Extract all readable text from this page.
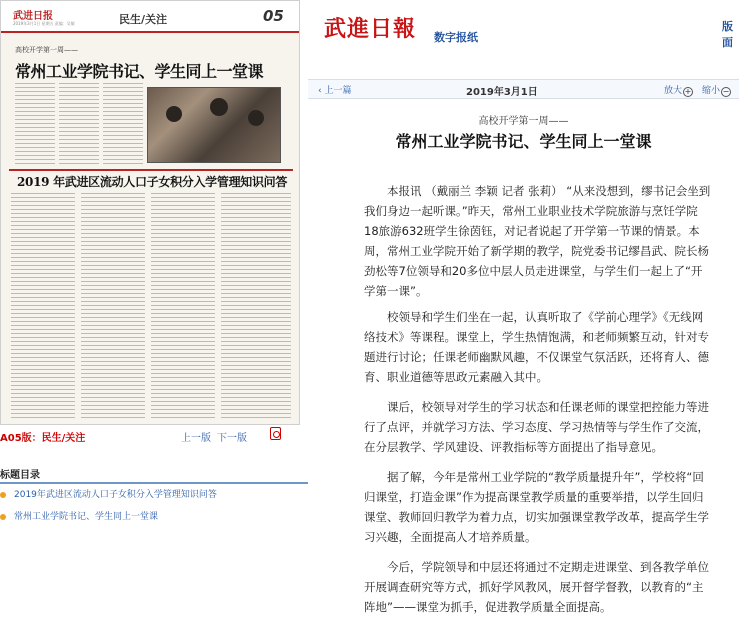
武进日报
2019年3月1日 星期五 责编：吴敏	民生/关注	05
高校开学第一周——
常州工业学院书记、学生同上一堂课
2019 年武进区流动人口子女积分入学管理知识问答
A05版：民生/关注	上一版 下一版
标题目录
2019年武进区流动人口子女积分入学管理知识问答
常州工业学院书记、学生同上一堂课
武進日報 数字报纸
版面
‹ 上一篇	2019年3月1日	放大 + 缩小 −
高校开学第一周——
常州工业学院书记、学生同上一堂课

本报讯 （戴丽兰 李颖 记者 张莉） “从来没想到，缪书记会坐到我们身边一起听课。”昨天，常州工业职业技术学院旅游与烹饪学院18旅游632班学生徐茵钰，对记者说起了开学第一节课的情景。本周，常州工业学院开始了新学期的教学，院党委书记缪昌武、院长杨劲松等7位领导和20多位中层人员走进课堂，与学生们一起上了“开学第一课”。

校领导和学生们坐在一起，认真听取了《学前心理学》《无线网络技术》等课程。课堂上，学生热情饱满，和老师频繁互动，针对专题进行讨论；任课老师幽默风趣，不仅课堂气氛活跃，还将育人、德育、职业道德等思政元素融入其中。

课后，校领导对学生的学习状态和任课老师的课堂把控能力等进行了点评，并就学习方法、学习态度、学习热情等与学生作了交流，在分层教学、学风建设、评教指标等方面提出了指导意见。

据了解，今年是常州工业学院的“教学质量提升年”，学校将“回归课堂，打造金课”作为提高课堂教学质量的重要举措，以学生回归课堂、教师回归教学为着力点，切实加强课堂教学改革，提高学生学习兴趣，全面提高人才培养质量。

今后，学院领导和中层还将通过不定期走进课堂、到各教学单位开展调查研究等方式，抓好学风教风，展开督学督教，以教育的“主阵地”——课堂为抓手，促进教学质量全面提高。
